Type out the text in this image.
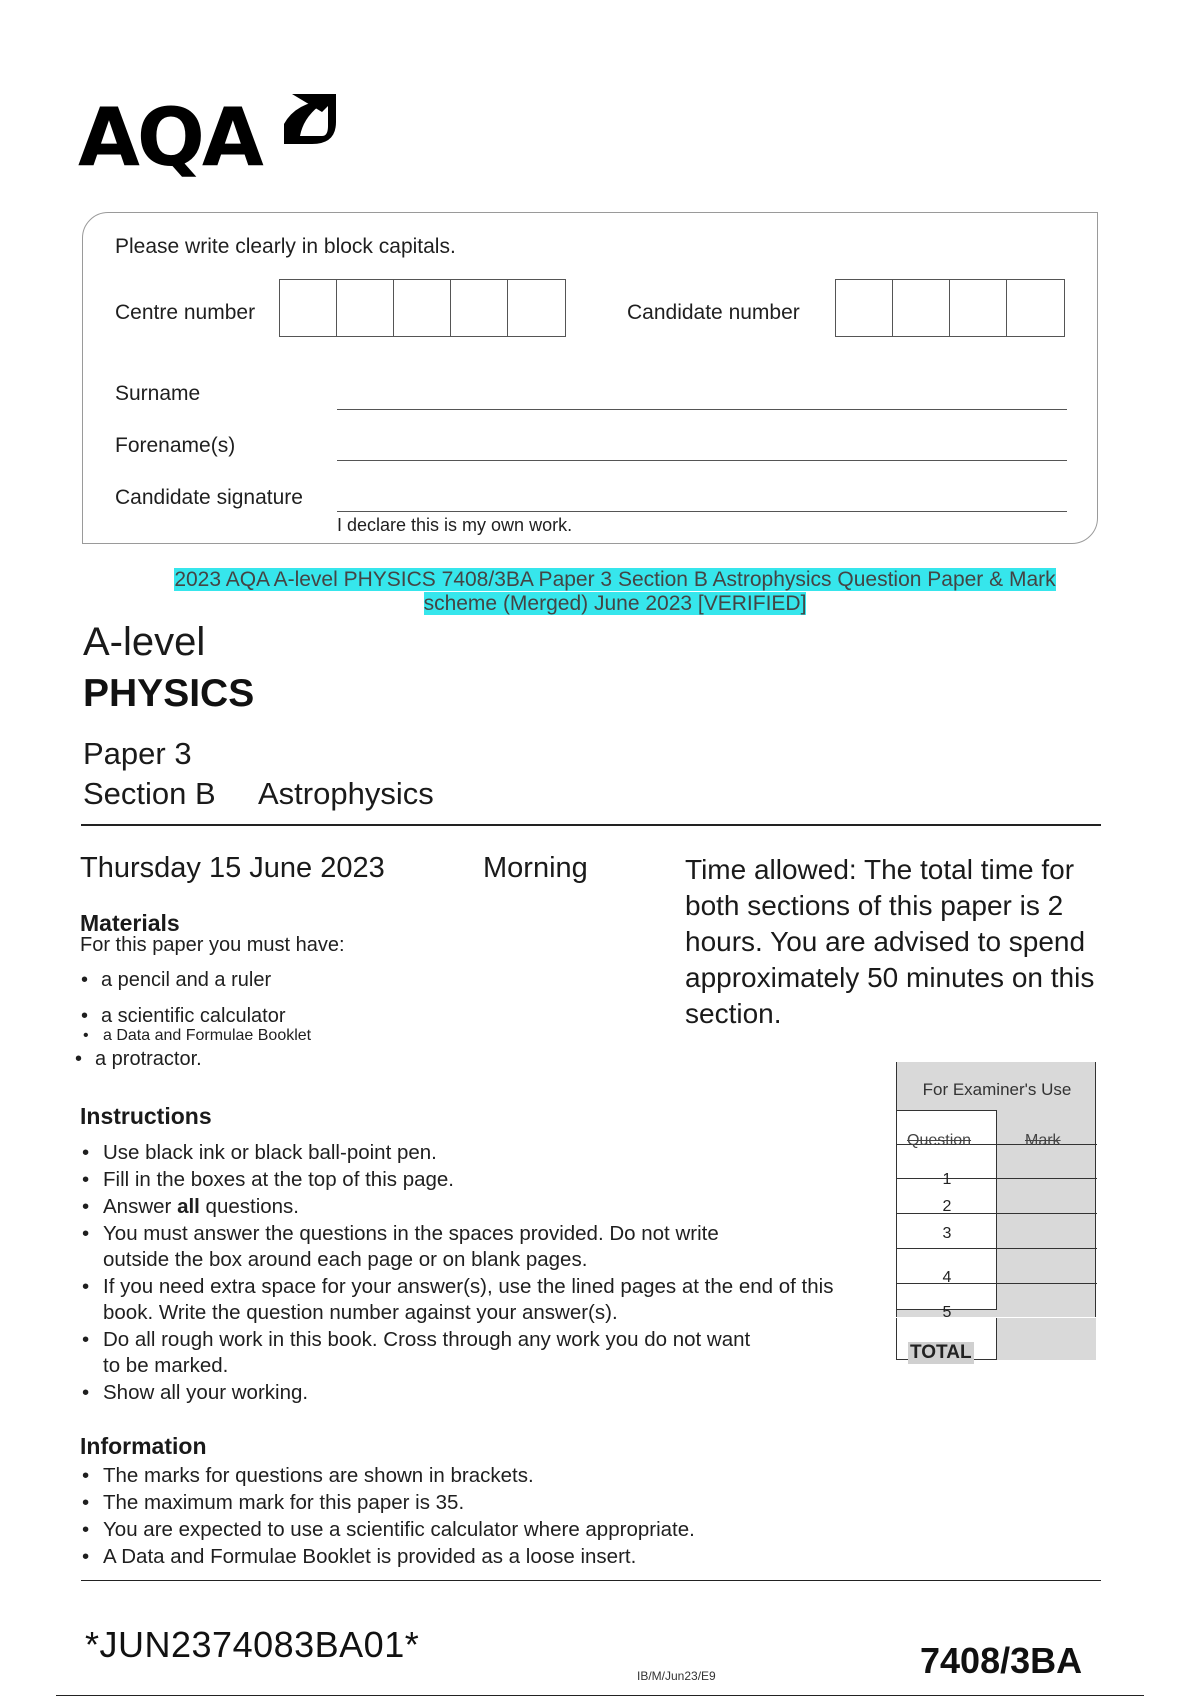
AQA
Please write clearly in block capitals.
Centre number	Candidate number
Surname
Forename(s)
Candidate signature
I declare this is my own work.
2023 AQA A-level PHYSICS 7408/3BA Paper 3 Section B Astrophysics Question Paper & Mark scheme (Merged) June 2023 [VERIFIED]
A-level
PHYSICS
Paper 3
Section B Astrophysics
Thursday 15 June 2023	Morning	Time allowed: The total time for both sections of this paper is 2 hours. You are advised to spend approximately 50 minutes on this section.
Materials
For this paper you must have:
• a pencil and a ruler
• a scientific calculator
• a Data and Formulae Booklet
• a protractor.
Instructions
• Use black ink or black ball-point pen.
• Fill in the boxes at the top of this page.
• Answer all questions.
• You must answer the questions in the spaces provided. Do not write outside the box around each page or on blank pages.
• If you need extra space for your answer(s), use the lined pages at the end of this book. Write the question number against your answer(s).
• Do all rough work in this book. Cross through any work you do not want to be marked.
• Show all your working.
Information
• The marks for questions are shown in brackets.
• The maximum mark for this paper is 35.
• You are expected to use a scientific calculator where appropriate.
• A Data and Formulae Booklet is provided as a loose insert.
For Examiner's Use
Question	Mark
1
2
3
4
5
TOTAL
*JUN2374083BA01*
IB/M/Jun23/E9	7408/3BA
